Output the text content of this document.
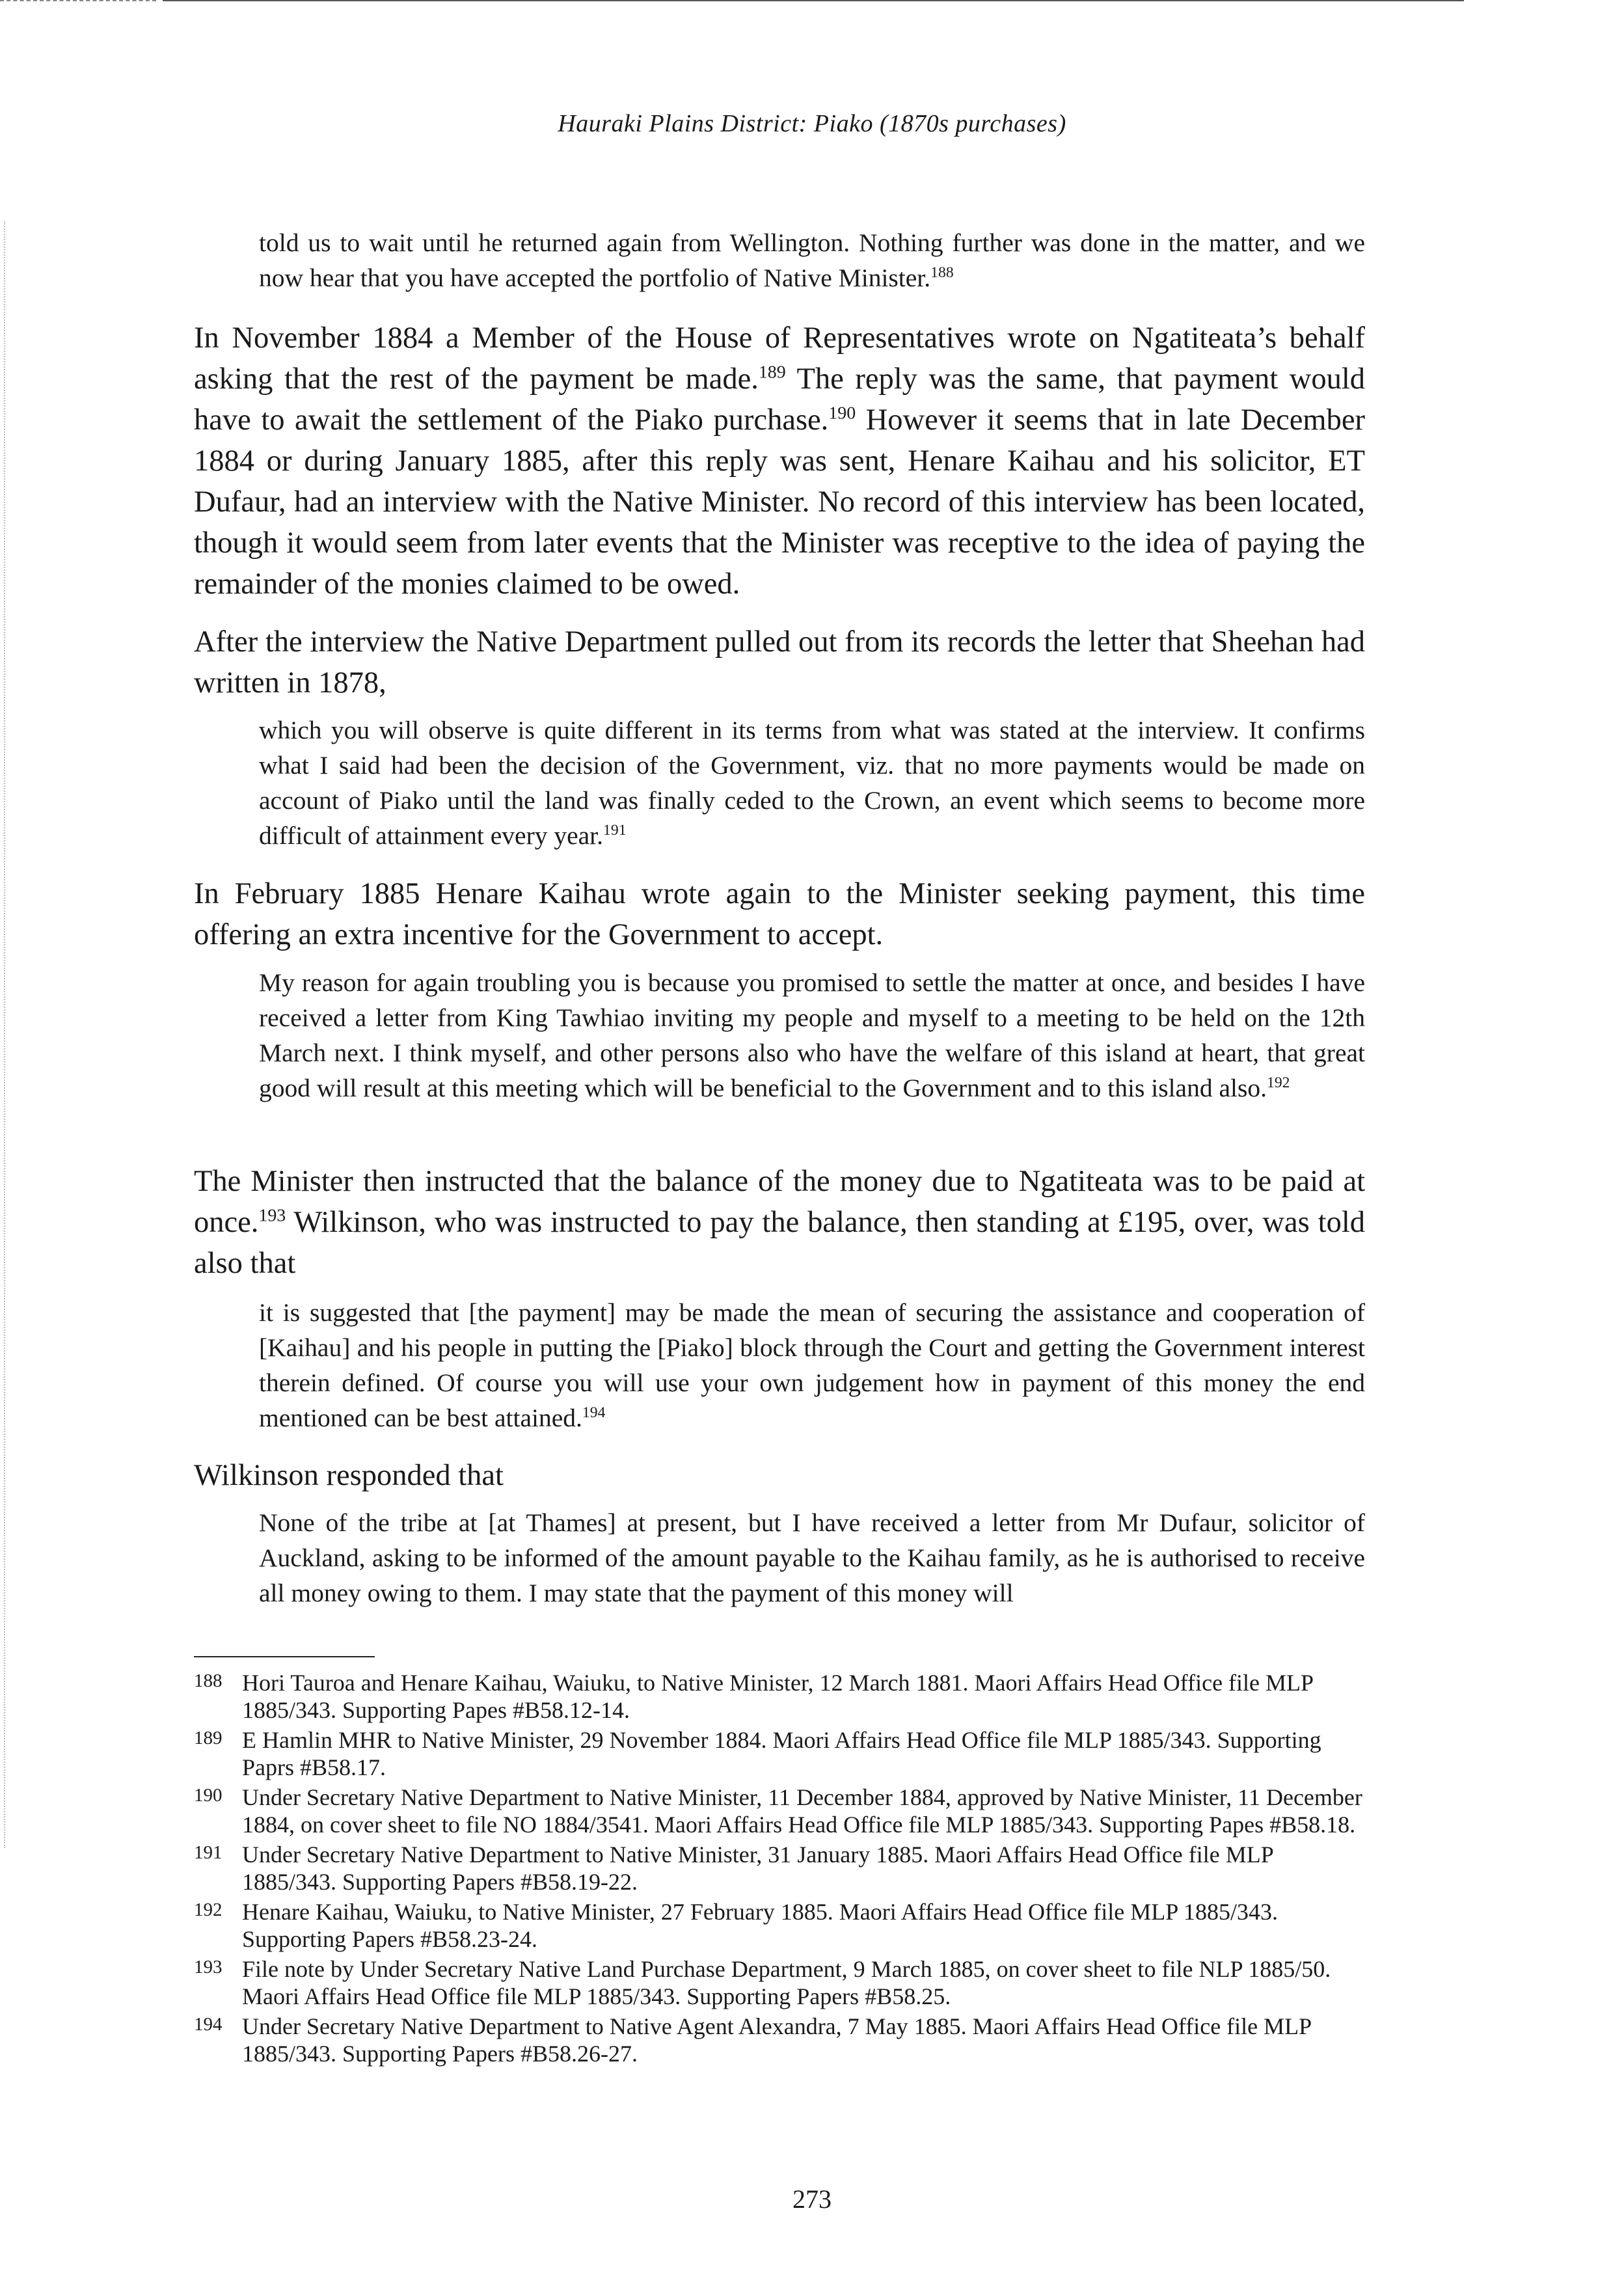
Hauraki Plains District: Piako (1870s purchases)
told us to wait until he returned again from Wellington. Nothing further was done in the matter, and we now hear that you have accepted the portfolio of Native Minister.$^{188}$
In November 1884 a Member of the House of Representatives wrote on Ngatiteata’s behalf asking that the rest of the payment be made.$^{189}$ The reply was the same, that payment would have to await the settlement of the Piako purchase.$^{190}$ However it seems that in late December 1884 or during January 1885, after this reply was sent, Henare Kaihau and his solicitor, ET Dufaur, had an interview with the Native Minister. No record of this interview has been located, though it would seem from later events that the Minister was receptive to the idea of paying the remainder of the monies claimed to be owed.
After the interview the Native Department pulled out from its records the letter that Sheehan had written in 1878,
which you will observe is quite different in its terms from what was stated at the interview. It confirms what I said had been the decision of the Government, viz. that no more payments would be made on account of Piako until the land was finally ceded to the Crown, an event which seems to become more difficult of attainment every year.$^{191}$
In February 1885 Henare Kaihau wrote again to the Minister seeking payment, this time offering an extra incentive for the Government to accept.
My reason for again troubling you is because you promised to settle the matter at once, and besides I have received a letter from King Tawhiao inviting my people and myself to a meeting to be held on the 12th March next. I think myself, and other persons also who have the welfare of this island at heart, that great good will result at this meeting which will be beneficial to the Government and to this island also.$^{192}$
The Minister then instructed that the balance of the money due to Ngatiteata was to be paid at once.$^{193}$ Wilkinson, who was instructed to pay the balance, then standing at £195, over, was told also that
it is suggested that [the payment] may be made the mean of securing the assistance and cooperation of [Kaihau] and his people in putting the [Piako] block through the Court and getting the Government interest therein defined. Of course you will use your own judgement how in payment of this money the end mentioned can be best attained.$^{194}$
Wilkinson responded that
None of the tribe at [at Thames] at present, but I have received a letter from Mr Dufaur, solicitor of Auckland, asking to be informed of the amount payable to the Kaihau family, as he is authorised to receive all money owing to them. I may state that the payment of this money will
188 Hori Tauroa and Henare Kaihau, Waiuku, to Native Minister, 12 March 1881. Maori Affairs Head Office file MLP 1885/343. Supporting Papes #B58.12-14.
189 E Hamlin MHR to Native Minister, 29 November 1884. Maori Affairs Head Office file MLP 1885/343. Supporting Paprs #B58.17.
190 Under Secretary Native Department to Native Minister, 11 December 1884, approved by Native Minister, 11 December 1884, on cover sheet to file NO 1884/3541. Maori Affairs Head Office file MLP 1885/343. Supporting Papes #B58.18.
191 Under Secretary Native Department to Native Minister, 31 January 1885. Maori Affairs Head Office file MLP 1885/343. Supporting Papers #B58.19-22.
192 Henare Kaihau, Waiuku, to Native Minister, 27 February 1885. Maori Affairs Head Office file MLP 1885/343. Supporting Papers #B58.23-24.
193 File note by Under Secretary Native Land Purchase Department, 9 March 1885, on cover sheet to file NLP 1885/50. Maori Affairs Head Office file MLP 1885/343. Supporting Papers #B58.25.
194 Under Secretary Native Department to Native Agent Alexandra, 7 May 1885. Maori Affairs Head Office file MLP 1885/343. Supporting Papers #B58.26-27.
273
